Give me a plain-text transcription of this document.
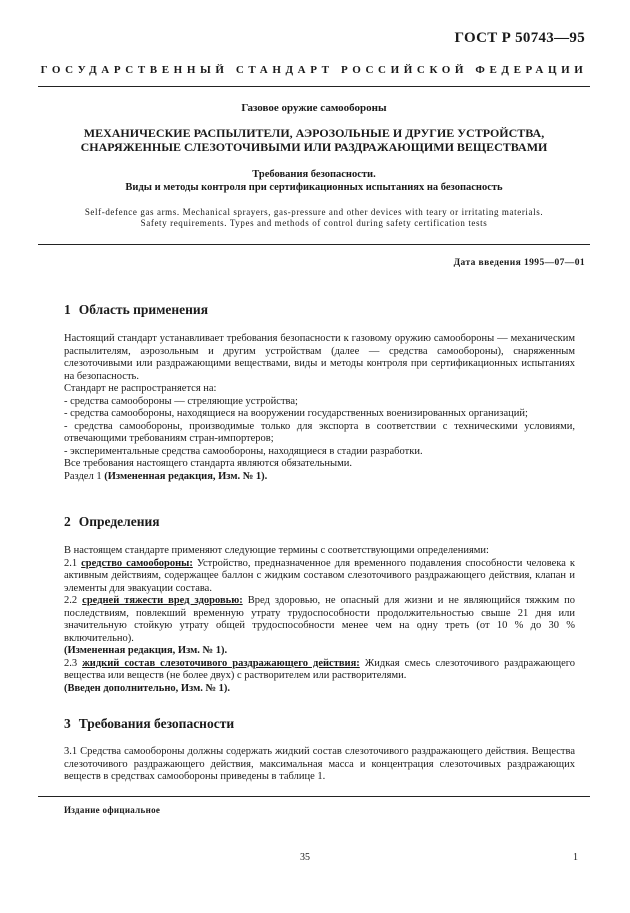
ГОСТ Р 50743—95
ГОСУДАРСТВЕННЫЙ СТАНДАРТ РОССИЙСКОЙ ФЕДЕРАЦИИ
Газовое оружие самообороны
МЕХАНИЧЕСКИЕ РАСПЫЛИТЕЛИ, АЭРОЗОЛЬНЫЕ И ДРУГИЕ УСТРОЙСТВА,
СНАРЯЖЕННЫЕ СЛЕЗОТОЧИВЫМИ ИЛИ РАЗДРАЖАЮЩИМИ ВЕЩЕСТВАМИ
Требования безопасности.
Виды и методы контроля при сертификационных испытаниях на безопасность
Self-defence gas arms. Mechanical sprayers, gas-pressure and other devices with teary or irritating materials.
Safety requirements. Types and methods of control during safety certification tests
Дата введения 1995—07—01
1 Область применения

Настоящий стандарт устанавливает требования безопасности к газовому оружию самообороны — механическим распылителям, аэрозольным и другим устройствам (далее — средства самообороны), снаряженным слезоточивыми или раздражающими веществами, виды и методы контроля при сертификационных испытаниях на безопасность.

Стандарт не распространяется на:

- средства самообороны — стреляющие устройства;

- средства самообороны, находящиеся на вооружении государственных военизированных организаций;

- средства самообороны, производимые только для экспорта в соответствии с техническими условиями, отвечающими требованиям стран-импортеров;

- экспериментальные средства самообороны, находящиеся в стадии разработки.

Все требования настоящего стандарта являются обязательными.

Раздел 1 (Измененная редакция, Изм. № 1).

2 Определения

В настоящем стандарте применяют следующие термины с соответствующими определениями:

2.1 средство самообороны: Устройство, предназначенное для временного подавления способности человека к активным действиям, содержащее баллон с жидким составом слезоточивого раздражающего действия, клапан и элементы для эвакуации состава.

2.2 средней тяжести вред здоровью: Вред здоровью, не опасный для жизни и не являющийся тяжким по последствиям, повлекший временную утрату трудоспособности продолжительностью свыше 21 дня или значительную стойкую утрату общей трудоспособности менее чем на одну треть (от 10 % до 30 % включительно).

(Измененная редакция, Изм. № 1).

2.3 жидкий состав слезоточивого раздражающего действия: Жидкая смесь слезоточивого раздражающего вещества или веществ (не более двух) с растворителем или растворителями.

(Введен дополнительно, Изм. № 1).

3 Требования безопасности

3.1 Средства самообороны должны содержать жидкий состав слезоточивого раздражающего действия. Вещества слезоточивого раздражающего действия, максимальная масса и концентрация слезоточивых раздражающих веществ в средствах самообороны приведены в таблице 1.

Издание официальное
35	1
